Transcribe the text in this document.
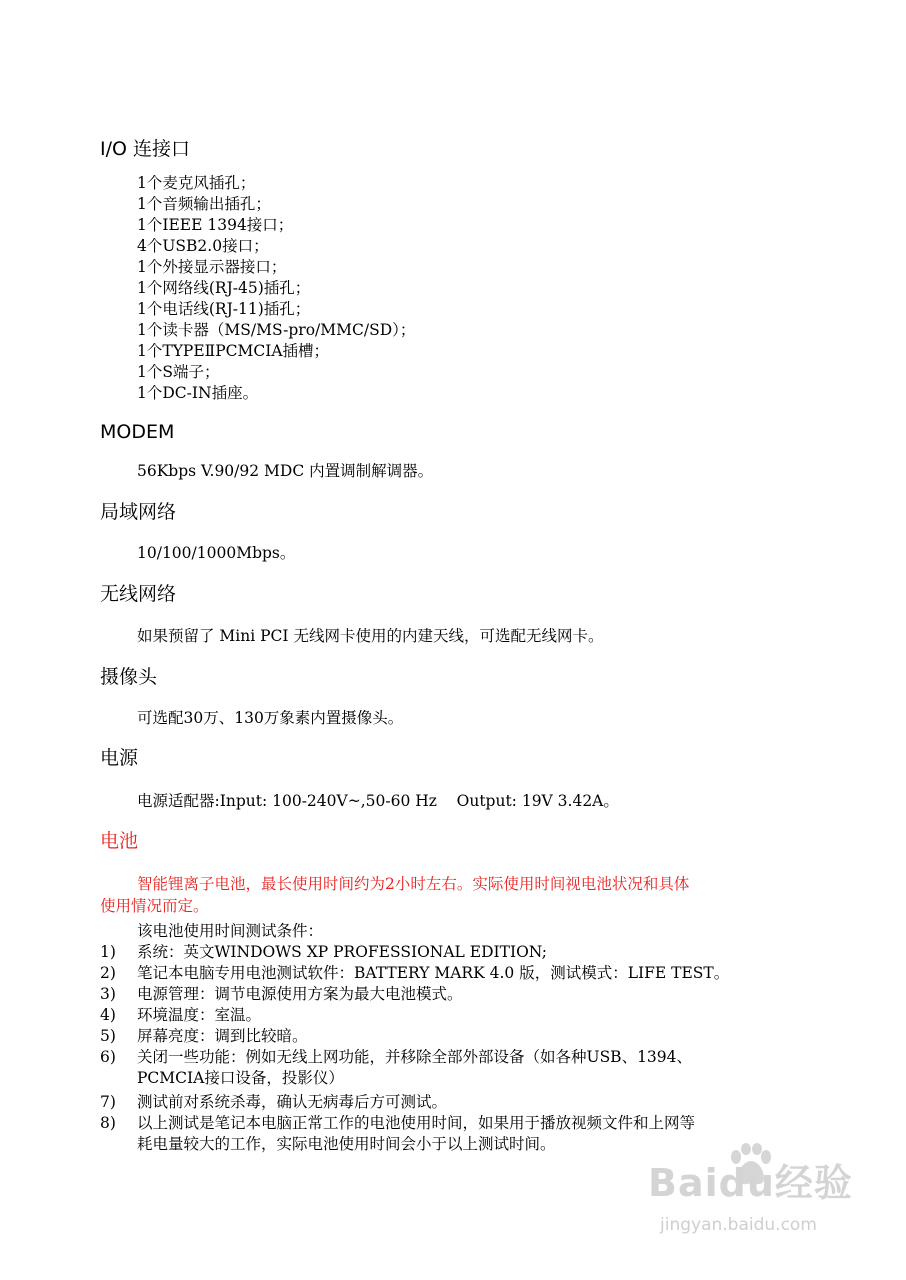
I/O 连接口
1个麦克风插孔；
1个音频输出插孔；
1个IEEE 1394接口；
4个USB2.0接口；
1个外接显示器接口；
1个网络线(RJ-45)插孔；
1个电话线(RJ-11)插孔；
1个读卡器（MS/MS-pro/MMC/SD）；
1个TYPEⅡPCMCIA插槽；
1个S端子；
1个DC-IN插座。
MODEM
56Kbps V.90/92 MDC 内置调制解调器。
局域网络
10/100/1000Mbps。
无线网络
如果预留了 Mini PCI 无线网卡使用的内建天线，可选配无线网卡。
摄像头
可选配30万、130万象素内置摄像头。
电源
电源适配器:Input: 100-240V~,50-60 Hz    Output: 19V 3.42A。
电池
智能锂离子电池，最长使用时间约为2小时左右。实际使用时间视电池状况和具体
使用情况而定。
该电池使用时间测试条件：
1) 系统：英文WINDOWS XP PROFESSIONAL EDITION;
2) 笔记本电脑专用电池测试软件：BATTERY MARK 4.0 版，测试模式：LIFE TEST。
3) 电源管理：调节电源使用方案为最大电池模式。
4) 环境温度：室温。
5) 屏幕亮度：调到比较暗。
6) 关闭一些功能：例如无线上网功能，并移除全部外部设备（如各种USB、1394、
PCMCIA接口设备，投影仪）
7) 测试前对系统杀毒，确认无病毒后方可测试。
8) 以上测试是笔记本电脑正常工作的电池使用时间，如果用于播放视频文件和上网等
耗电量较大的工作，实际电池使用时间会小于以上测试时间。
Baidu经验
jingyan.baidu.com
